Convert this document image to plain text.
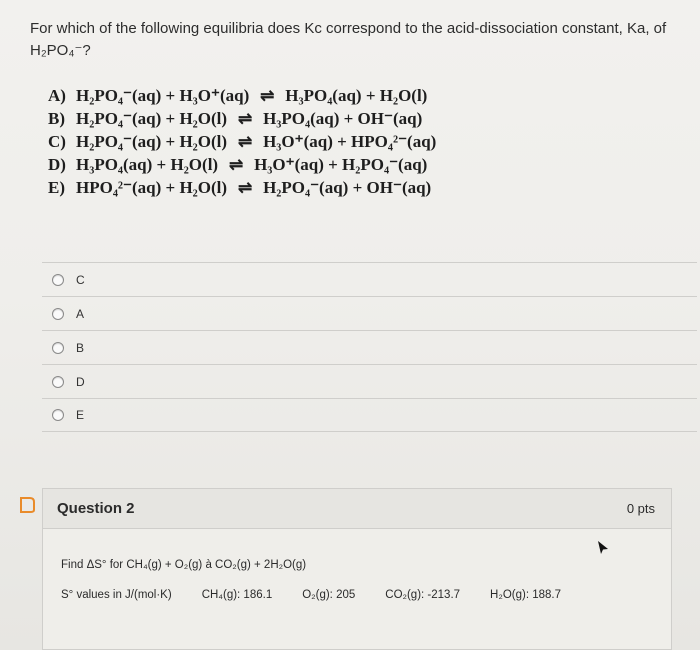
For which of the following equilibria does Kc correspond to the acid-dissociation constant, Ka, of
H₂PO₄⁻?
A) H₂PO₄⁻(aq) + H₃O⁺(aq) ⇌ H₃PO₄(aq) + H₂O(l)
B) H₂PO₄⁻(aq) + H₂O(l) ⇌ H₃PO₄(aq) + OH⁻(aq)
C) H₂PO₄⁻(aq) + H₂O(l) ⇌ H₃O⁺(aq) + HPO₄²⁻(aq)
D) H₃PO₄(aq) + H₂O(l) ⇌ H₃O⁺(aq) + H₂PO₄⁻(aq)
E) HPO₄²⁻(aq) + H₂O(l) ⇌ H₂PO₄⁻(aq) + OH⁻(aq)
C
A
B
D
E
Question 2	0 pts
Find ΔS° for CH₄(g) + O₂(g) à CO₂(g) + 2H₂O(g)
S° values in J/(mol·K)	CH₄(g): 186.1	O₂(g): 205	CO₂(g): -213.7	H₂O(g): 188.7
